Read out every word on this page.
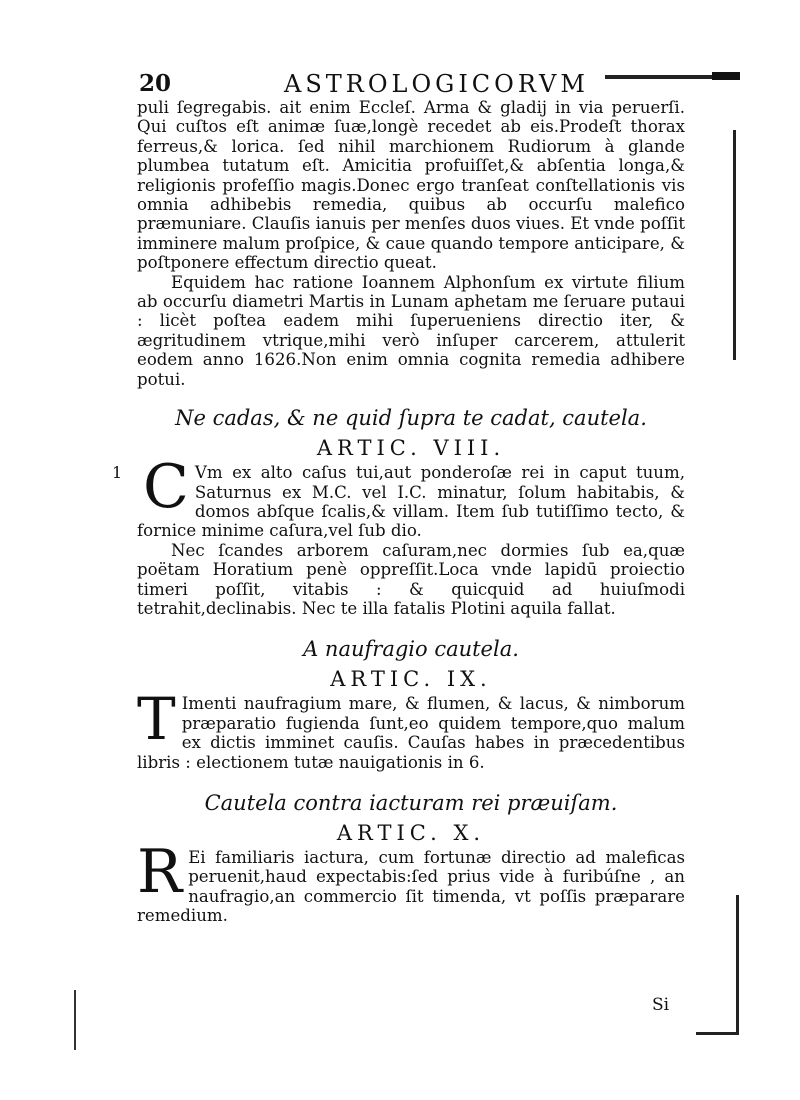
20	ASTROLOGICORVM

puli ſegregabis. ait enim Eccleſ. Arma & gladij in via peruerſi. Qui cuſtos eſt animæ ſuæ,longè recedet ab eis.Prodeſt thorax ferreus,& lorica. ſed nihil marchionem Rudiorum à glande plumbea tutatum eſt. Amicitia profuiſſet,& abſentia longa,& religionis profeſſio magis.Donec ergo tranſeat conſtellationis vis omnia adhibebis remedia, quibus ab occurſu malefico præmuniare. Clauſis ianuis per menſes duos viues. Et vnde poſſit imminere malum proſpice, & caue quando tempore anticipare, & poſtponere effectum directio queat.

Equidem hac ratione Ioannem Alphonſum ex virtute filium ab occurſu diametri Martis in Lunam aphetam me ſeruare putaui : licèt poſtea eadem mihi ſuperueniens directio iter, & ægritudinem vtrique,mihi verò inſuper carcerem, attulerit eodem anno 1626.Non enim omnia cognita remedia adhibere potui.

Ne cadas, & ne quid ſupra te cadat, cautela.

ARTIC. VIII.

1 C Vm ex alto caſus tui,aut ponderoſæ rei in caput tuum, Saturnus ex M.C. vel I.C. minatur, ſolum habitabis, & domos abſque ſcalis,& villam. Item ſub tutiſſimo tecto, & fornice minime caſura,vel ſub dio.

Nec ſcandes arborem caſuram,nec dormies ſub ea,quæ poëtam Horatium penè oppreſſit.Loca vnde lapidū proiectio timeri poſſit, vitabis : & quicquid ad huiuſmodi tetrahit,declinabis. Nec te illa fatalis Plotini aquila fallat.

A naufragio cautela.

ARTIC. IX.

T Imenti naufragium mare, & flumen, & lacus, & nimborum præparatio fugienda ſunt,eo quidem tempore,quo malum ex dictis imminet cauſis. Cauſas habes in præcedentibus libris : electionem tutæ nauigationis in 6.

Cautela contra iacturam rei præuiſam.

ARTIC. X.

R Ei familiaris iactura, cum fortunæ directio ad maleficas peruenit,haud expectabis:ſed prius vide à furibúſne , an naufragio,an commercio ſit timenda, vt poſſis præparare remedium.

Si
